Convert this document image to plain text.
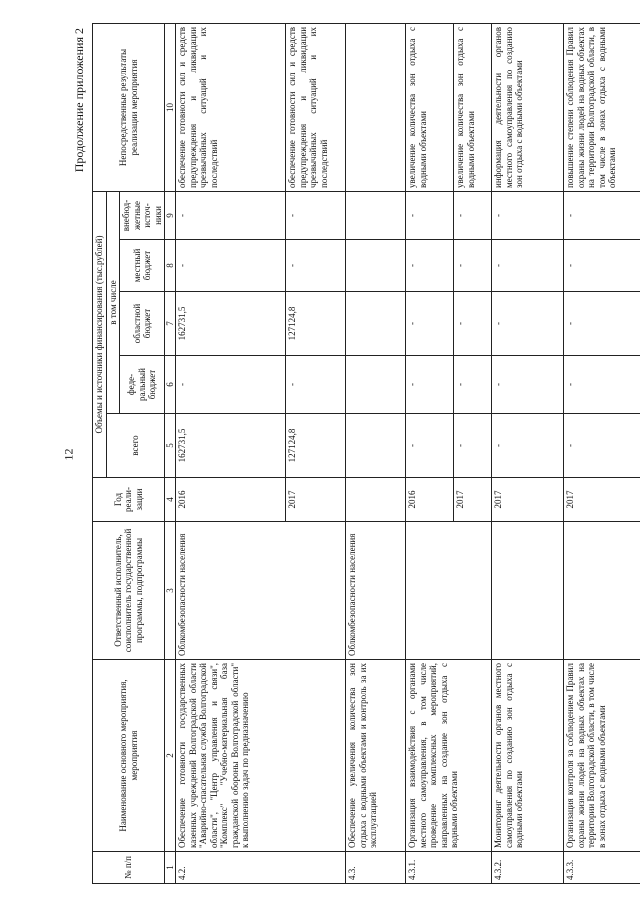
12
Продолжение приложения 2
№ п/п	Наименование основного мероприятия, мероприятия	Ответственный исполнитель, соисполнитель государственной программы, подпрограммы	Год реали-зации	Объемы и источники финансирования (тыс.рублей)					Непосредственные результаты реализации мероприятия
				всего	в том числе				
					феде-ральный бюджет	областной бюджет	местный бюджет	внебюд-жетные источ-ники	
1	2	3	4	5	6	7	8	9	10
4.2.	Обеспечение готовности государственных казенных учреждений Волгоградской области "Аварийно-спасательная служба Волгоградской области", "Центр управления и связи", "Комплекс" "Учебно-материальная база гражданской обороны Волгоградской области" к выполнению задач по предназначению	Облкомбезопасности населения	2016	162731,5	-	162731,5	-	-	обеспечение готовности сил и средств предупреждения и ликвидации чрезвычайных ситуаций и их последствий
			2017	127124,8	-	127124,8	-	-	обеспечение готовности сил и средств предупреждения и ликвидации чрезвычайных ситуаций и их последствий
4.3.	Обеспечение увеличения количества зон отдыха с водными объектами и контроль за их эксплуатацией	Облкомбезопасности населения							
4.3.1.	Организация взаимодействия с органами местного самоуправления, в том числе проведение комплексных мероприятий, направленных на создание зон отдыха с водными объектами		2016	-	-	-	-	-	увеличение количества зон отдыха с водными объектами
			2017	-	-	-	-	-	увеличение количества зон отдыха с водными объектами
4.3.2.	Мониторинг деятельности органов местного самоуправления по созданию зон отдыха с водными объектами		2017	-	-	-	-	-	информация деятельности органов местного самоуправления по созданию зон отдыха с водными объектами
4.3.3.	Организация контроля за соблюдением Правил охраны жизни людей на водных объектах на территории Волгоградской области, в том числе в зонах отдыха с водными объектами		2017	-	-	-	-	-	повышение степени соблюдения Правил охраны жизни людей на водных объектах на территории Волгоградской области, в том числе в зонах отдыха с водными объектами
